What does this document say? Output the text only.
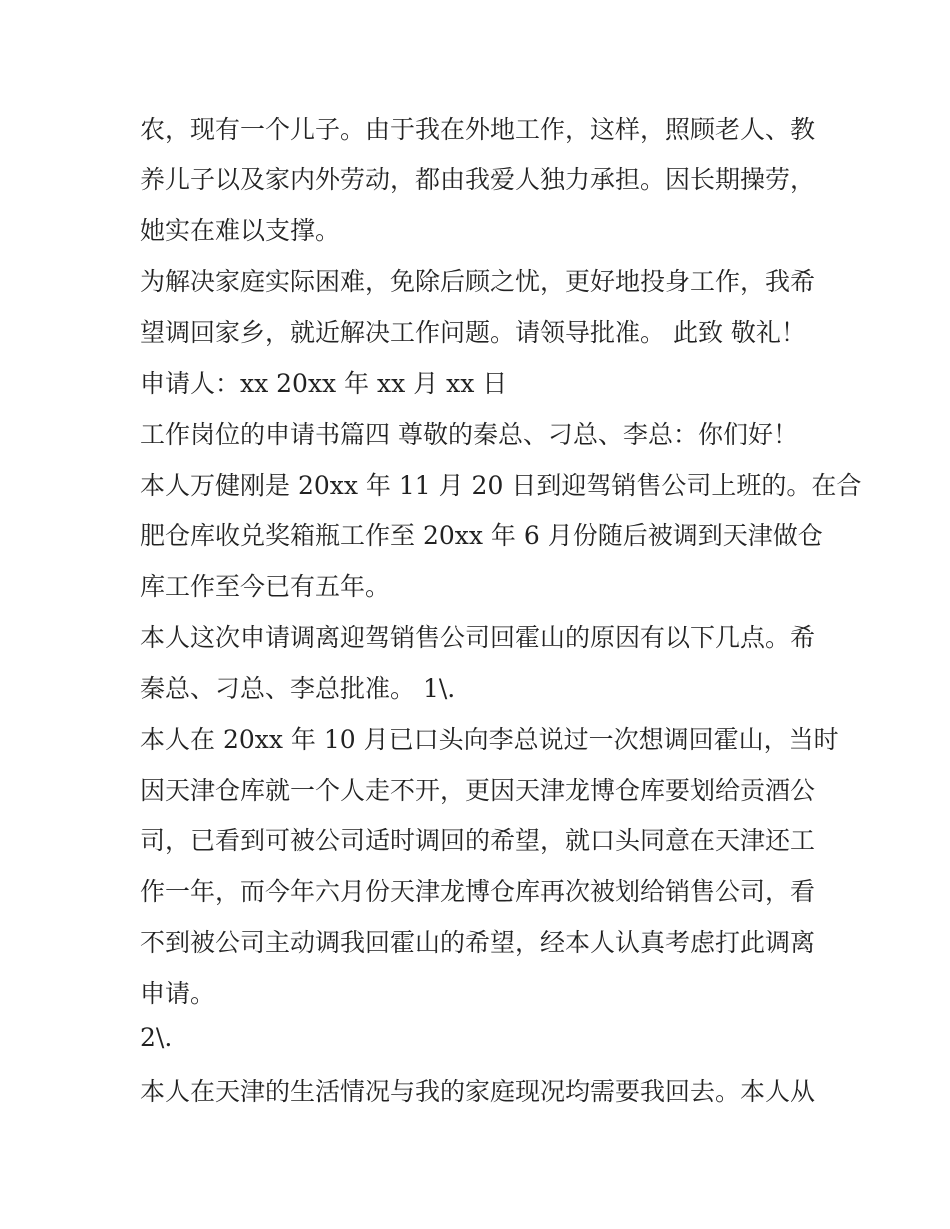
农，现有一个儿子。由于我在外地工作，这样，照顾老人、教
养儿子以及家内外劳动，都由我爱人独力承担。因长期操劳，
她实在难以支撑。
为解决家庭实际困难，免除后顾之忧，更好地投身工作，我希
望调回家乡，就近解决工作问题。请领导批准。 此致 敬礼！
申请人：xx 20xx 年 xx 月 xx 日
工作岗位的申请书篇四 尊敬的秦总、刁总、李总：你们好！
本人万健刚是 20xx 年 11 月 20 日到迎驾销售公司上班的。在合
肥仓库收兑奖箱瓶工作至 20xx 年 6 月份随后被调到天津做仓
库工作至今已有五年。
本人这次申请调离迎驾销售公司回霍山的原因有以下几点。希
秦总、刁总、李总批准。 1\.
本人在 20xx 年 10 月已口头向李总说过一次想调回霍山，当时
因天津仓库就一个人走不开，更因天津龙博仓库要划给贡酒公
司，已看到可被公司适时调回的希望，就口头同意在天津还工
作一年，而今年六月份天津龙博仓库再次被划给销售公司，看
不到被公司主动调我回霍山的希望，经本人认真考虑打此调离
申请。
2\.
本人在天津的生活情况与我的家庭现况均需要我回去。本人从
